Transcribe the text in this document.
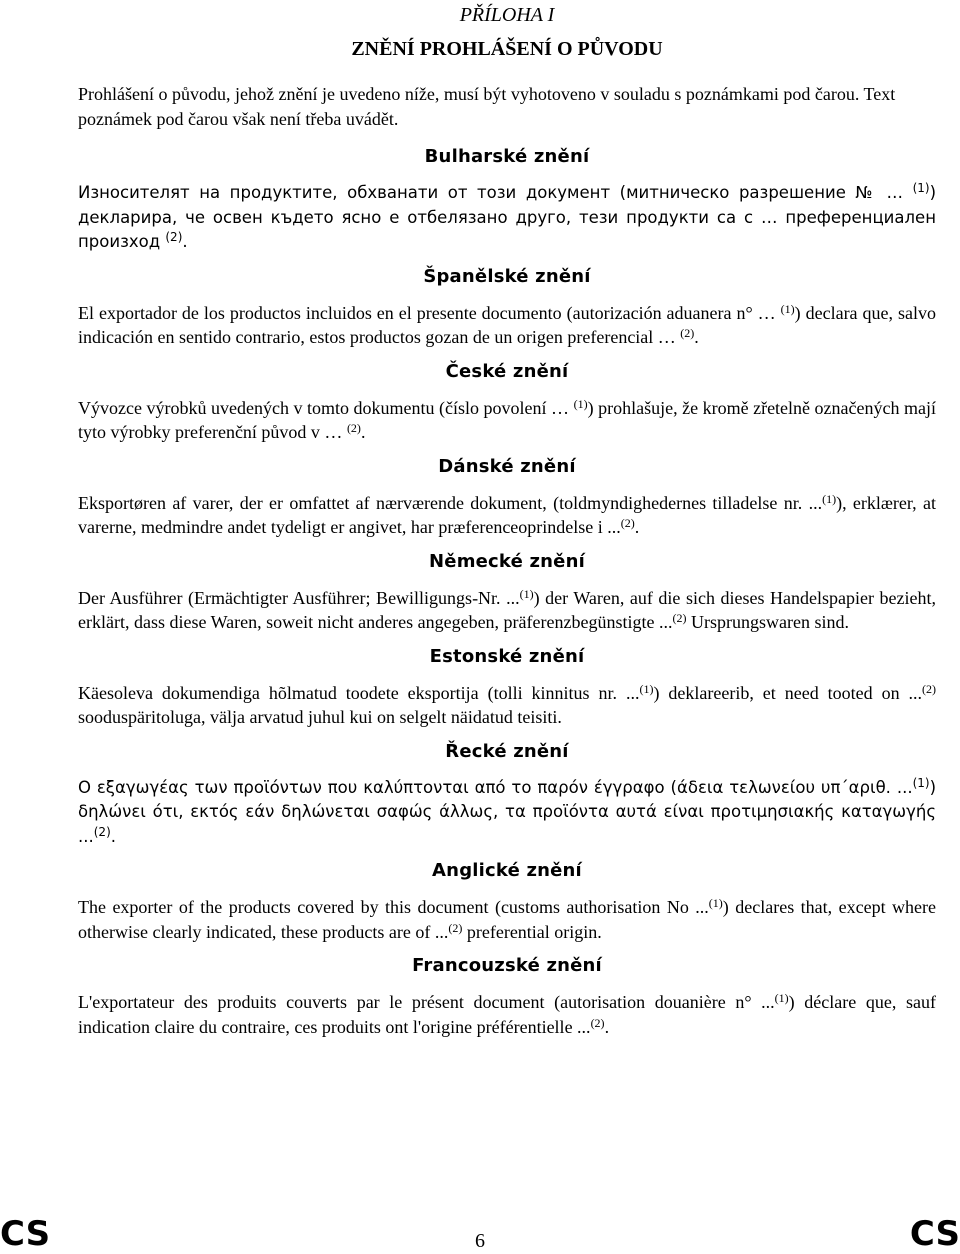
PŘÍLOHA I
ZNĚNÍ PROHLÁŠENÍ O PŮVODU
Prohlášení o původu, jehož znění je uvedeno níže, musí být vyhotoveno v souladu s poznámkami pod čarou. Text poznámek pod čarou však není třeba uvádět.
Bulharské znění
Износителят на продуктите, обхванати от този документ (митническо разрешение № … $^{(1)}$) декларира, че освен където ясно е отбелязано друго, тези продукти са с … преференциален произход $^{(2)}$.
Španělské znění
El exportador de los productos incluidos en el presente documento (autorización aduanera n° … $^{(1)}$) declara que, salvo indicación en sentido contrario, estos productos gozan de un origen preferencial … $^{(2)}$.
České znění
Vývozce výrobků uvedených v tomto dokumentu (číslo povolení … $^{(1)}$) prohlašuje, že kromě zřetelně označených mají tyto výrobky preferenční původ v … $^{(2)}$.
Dánské znění
Eksportøren af varer, der er omfattet af nærværende dokument, (toldmyndighedernes tilladelse nr. ...$^{(1)}$), erklærer, at varerne, medmindre andet tydeligt er angivet, har præferenceoprindelse i ...$^{(2)}$.
Německé znění
Der Ausführer (Ermächtigter Ausführer; Bewilligungs-Nr. ...$^{(1)}$) der Waren, auf die sich dieses Handelspapier bezieht, erklärt, dass diese Waren, soweit nicht anderes angegeben, präferenzbegünstigte ...$^{(2)}$ Ursprungswaren sind.
Estonské znění
Käesoleva dokumendiga hõlmatud toodete eksportija (tolli kinnitus nr. ...$^{(1)}$) deklareerib, et need tooted on ...$^{(2)}$ sooduspäritoluga, välja arvatud juhul kui on selgelt näidatud teisiti.
Řecké znění
Ο εξαγωγέας των προϊόντων που καλύπτονται από το παρόν έγγραφο (άδεια τελωνείου υπ΄αριθ. ...$^{(1)}$) δηλώνει ότι, εκτός εάν δηλώνεται σαφώς άλλως, τα προϊόντα αυτά είναι προτιμησιακής καταγωγής ...$^{(2)}$.
Anglické znění
The exporter of the products covered by this document (customs authorisation No ...$^{(1)}$) declares that, except where otherwise clearly indicated, these products are of ...$^{(2)}$ preferential origin.
Francouzské znění
L'exportateur des produits couverts par le présent document (autorisation douanière n° ...$^{(1)}$) déclare que, sauf indication claire du contraire, ces produits ont l'origine préférentielle ...$^{(2)}$.
CS	6	CS
